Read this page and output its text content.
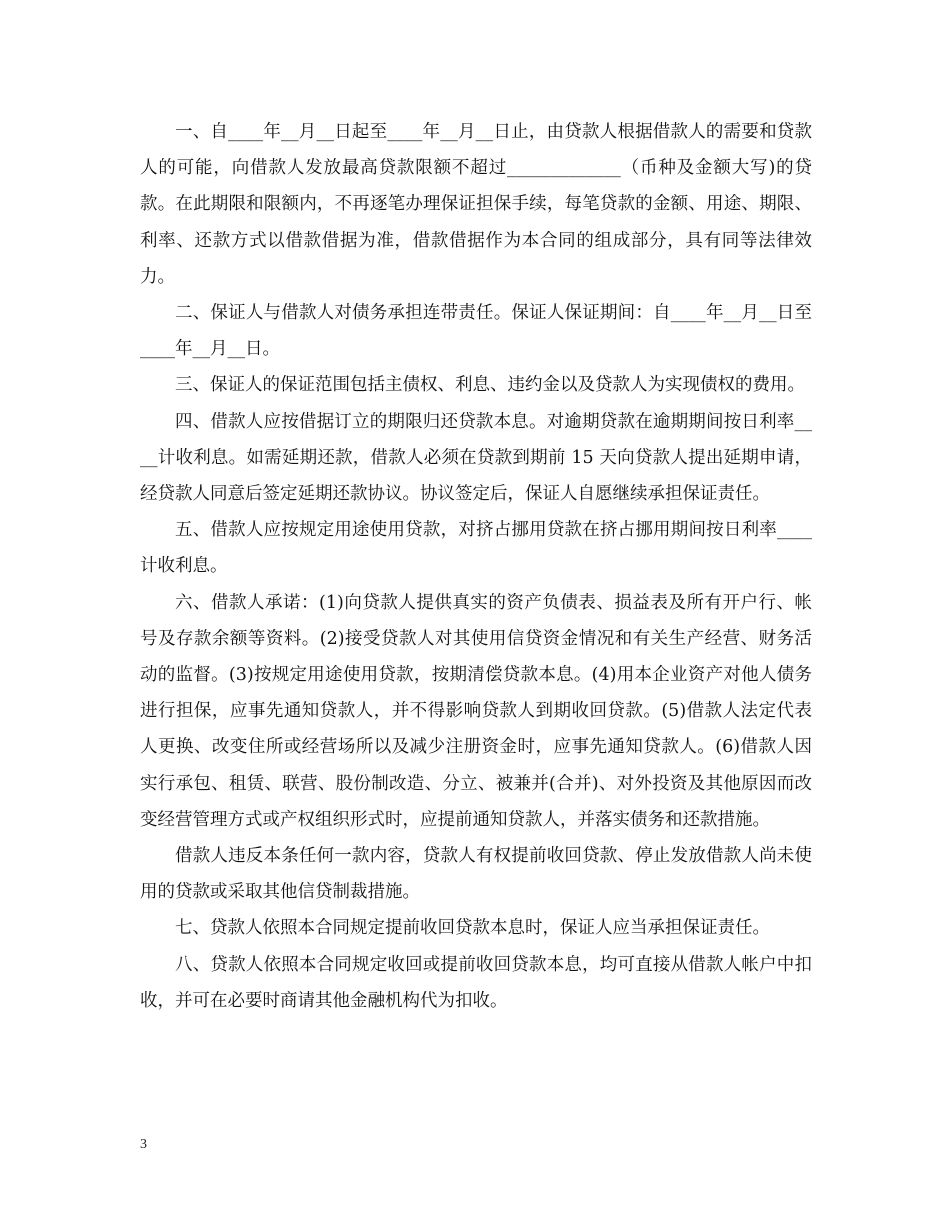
一、自____年__月__日起至____年__月__日止，由贷款人根据借款人的需要和贷款人的可能，向借款人发放最高贷款限额不超过_____________（币种及金额大写)的贷款。在此期限和限额内，不再逐笔办理保证担保手续，每笔贷款的金额、用途、期限、利率、还款方式以借款借据为准，借款借据作为本合同的组成部分，具有同等法律效力。

二、保证人与借款人对债务承担连带责任。保证人保证期间：自____年__月__日至____年__月__日。

三、保证人的保证范围包括主债权、利息、违约金以及贷款人为实现债权的费用。

四、借款人应按借据订立的期限归还贷款本息。对逾期贷款在逾期期间按日利率____计收利息。如需延期还款，借款人必须在贷款到期前 15 天向贷款人提出延期申请，经贷款人同意后签定延期还款协议。协议签定后，保证人自愿继续承担保证责任。

五、借款人应按规定用途使用贷款，对挤占挪用贷款在挤占挪用期间按日利率____计收利息。

六、借款人承诺：(1)向贷款人提供真实的资产负债表、损益表及所有开户行、帐号及存款余额等资料。(2)接受贷款人对其使用信贷资金情况和有关生产经营、财务活动的监督。(3)按规定用途使用贷款，按期清偿贷款本息。(4)用本企业资产对他人债务进行担保，应事先通知贷款人，并不得影响贷款人到期收回贷款。(5)借款人法定代表人更换、改变住所或经营场所以及减少注册资金时，应事先通知贷款人。(6)借款人因实行承包、租赁、联营、股份制改造、分立、被兼并(合并)、对外投资及其他原因而改变经营管理方式或产权组织形式时，应提前通知贷款人，并落实债务和还款措施。

借款人违反本条任何一款内容，贷款人有权提前收回贷款、停止发放借款人尚未使用的贷款或采取其他信贷制裁措施。

七、贷款人依照本合同规定提前收回贷款本息时，保证人应当承担保证责任。

八、贷款人依照本合同规定收回或提前收回贷款本息，均可直接从借款人帐户中扣收，并可在必要时商请其他金融机构代为扣收。

3
